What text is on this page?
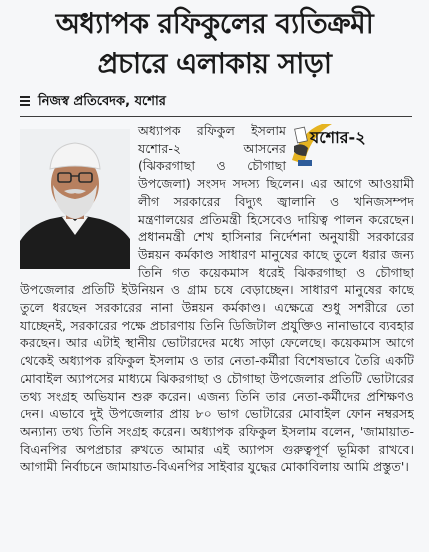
অধ্যাপক রফিকুলের ব্যতিক্রমী
প্রচারে এলাকায় সাড়া
নিজস্ব প্রতিবেদক, যশোর
যশোর-২
অধ্যাপক রফিকুল ইসলাম যশোর-২ আসনের (ঝিকরগাছা ও চৌগাছা উপজেলা) সংসদ সদস্য ছিলেন। এর আগে আওয়ামী লীগ সরকারের বিদ্যুৎ জ্বালানি ও খনিজসম্পদ মন্ত্রণালয়ের প্রতিমন্ত্রী হিসেবেও দায়িত্ব পালন করেছেন। প্রধানমন্ত্রী শেখ হাসিনার নির্দেশনা অনুযায়ী সরকারের উন্নয়ন কর্মকাণ্ড সাধারণ মানুষের কাছে তুলে ধরার জন্য তিনি গত কয়েকমাস ধরেই ঝিকরগাছা ও চৌগাছা উপজেলার প্রতিটি ইউনিয়ন ও গ্রাম চষে বেড়াচ্ছেন। সাধারণ মানুষের কাছে তুলে ধরছেন সরকারের নানা উন্নয়ন কর্মকাণ্ড। এক্ষেত্রে শুধু সশরীরে তো যাচ্ছেনই, সরকারের পক্ষে প্রচারণায় তিনি ডিজিটাল প্রযুক্তিও নানাভাবে ব্যবহার করছেন। আর এটাই স্থানীয় ভোটারদের মধ্যে সাড়া ফেলেছে। কয়েকমাস আগে থেকেই অধ্যাপক রফিকুল ইসলাম ও তার নেতা-কর্মীরা বিশেষভাবে তৈরি একটি মোবাইল অ্যাপসের মাধ্যমে ঝিকরগাছা ও চৌগাছা উপজেলার প্রতিটি ভোটারের তথ্য সংগ্রহ অভিযান শুরু করেন। এজন্য তিনি তার নেতা-কর্মীদের প্রশিক্ষণও দেন। এভাবে দুই উপজেলার প্রায় ৮০ ভাগ ভোটারের মোবাইল ফোন নম্বরসহ অন্যান্য তথ্য তিনি সংগ্রহ করেন। অধ্যাপক রফিকুল ইসলাম বলেন, 'জামায়াত-বিএনপির অপপ্রচার রুখতে আমার এই অ্যাপস গুরুত্বপূর্ণ ভূমিকা রাখবে। আগামী নির্বাচনে জামায়াত-বিএনপির সাইবার যুদ্ধের মোকাবিলায় আমি প্রস্তুত'।
